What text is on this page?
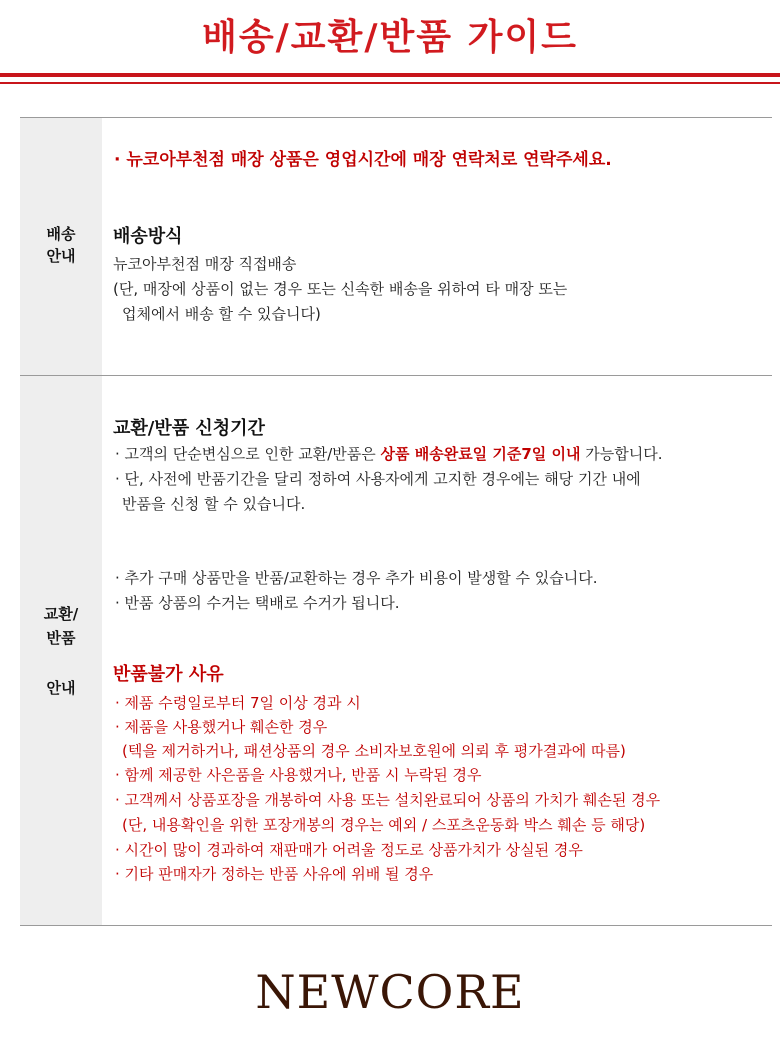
배송/교환/반품 가이드
배송
안내
· 뉴코아부천점 매장 상품은 영업시간에 매장 연락처로 연락주세요.
배송방식
뉴코아부천점 매장 직접배송
(단, 매장에 상품이 없는 경우 또는 신속한 배송을 위하여 타 매장 또는
업체에서 배송 할 수 있습니다)
교환/
반품
안내
교환/반품 신청기간
· 고객의 단순변심으로 인한 교환/반품은 상품 배송완료일 기준7일 이내 가능합니다.
· 단, 사전에 반품기간을 달리 정하여 사용자에게 고지한 경우에는 해당 기간 내에
반품을 신청 할 수 있습니다.
· 추가 구매 상품만을 반품/교환하는 경우 추가 비용이 발생할 수 있습니다.
· 반품 상품의 수거는 택배로 수거가 됩니다.
반품불가 사유
· 제품 수령일로부터 7일 이상 경과 시
· 제품을 사용했거나 훼손한 경우
(텍을 제거하거나, 패션상품의 경우 소비자보호원에 의뢰 후 평가결과에 따름)
· 함께 제공한 사은품을 사용했거나, 반품 시 누락된 경우
· 고객께서 상품포장을 개봉하여 사용 또는 설치완료되어 상품의 가치가 훼손된 경우
(단, 내용확인을 위한 포장개봉의 경우는 예외 / 스포츠운동화 박스 훼손 등 해당)
· 시간이 많이 경과하여 재판매가 어려울 정도로 상품가치가 상실된 경우
· 기타 판매자가 정하는 반품 사유에 위배 될 경우
NEWCORE
